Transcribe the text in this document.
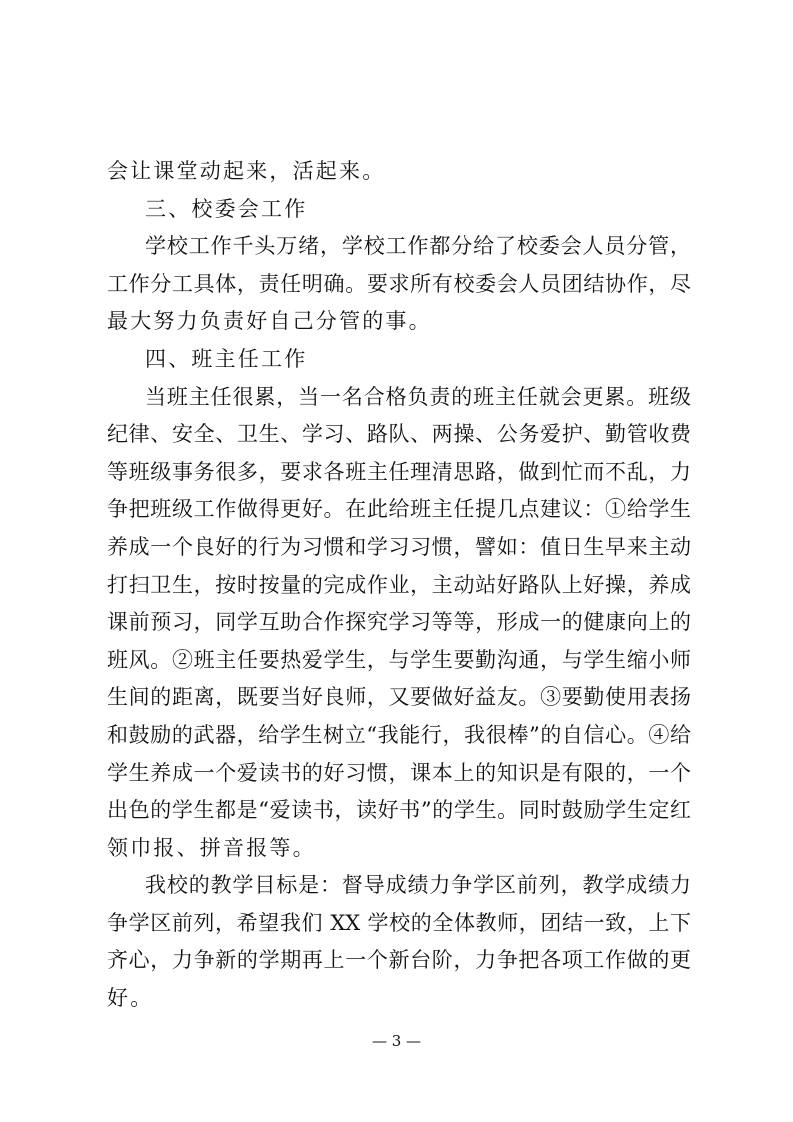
会让课堂动起来，活起来。
三、校委会工作
学校工作千头万绪，学校工作都分给了校委会人员分管，
工作分工具体，责任明确。要求所有校委会人员团结协作，尽
最大努力负责好自己分管的事。
四、班主任工作
当班主任很累，当一名合格负责的班主任就会更累。班级
纪律、安全、卫生、学习、路队、两操、公务爱护、勤管收费
等班级事务很多，要求各班主任理清思路，做到忙而不乱，力
争把班级工作做得更好。在此给班主任提几点建议：①给学生
养成一个良好的行为习惯和学习习惯，譬如：值日生早来主动
打扫卫生，按时按量的完成作业，主动站好路队上好操，养成
课前预习，同学互助合作探究学习等等，形成一的健康向上的
班风。②班主任要热爱学生，与学生要勤沟通，与学生缩小师
生间的距离，既要当好良师，又要做好益友。③要勤使用表扬
和鼓励的武器，给学生树立“我能行，我很棒”的自信心。④给
学生养成一个爱读书的好习惯，课本上的知识是有限的，一个
出色的学生都是“爱读书，读好书”的学生。同时鼓励学生定红
领巾报、拼音报等。
我校的教学目标是：督导成绩力争学区前列，教学成绩力
争学区前列，希望我们 XX 学校的全体教师，团结一致，上下
齐心，力争新的学期再上一个新台阶，力争把各项工作做的更
好。
— 3 —
